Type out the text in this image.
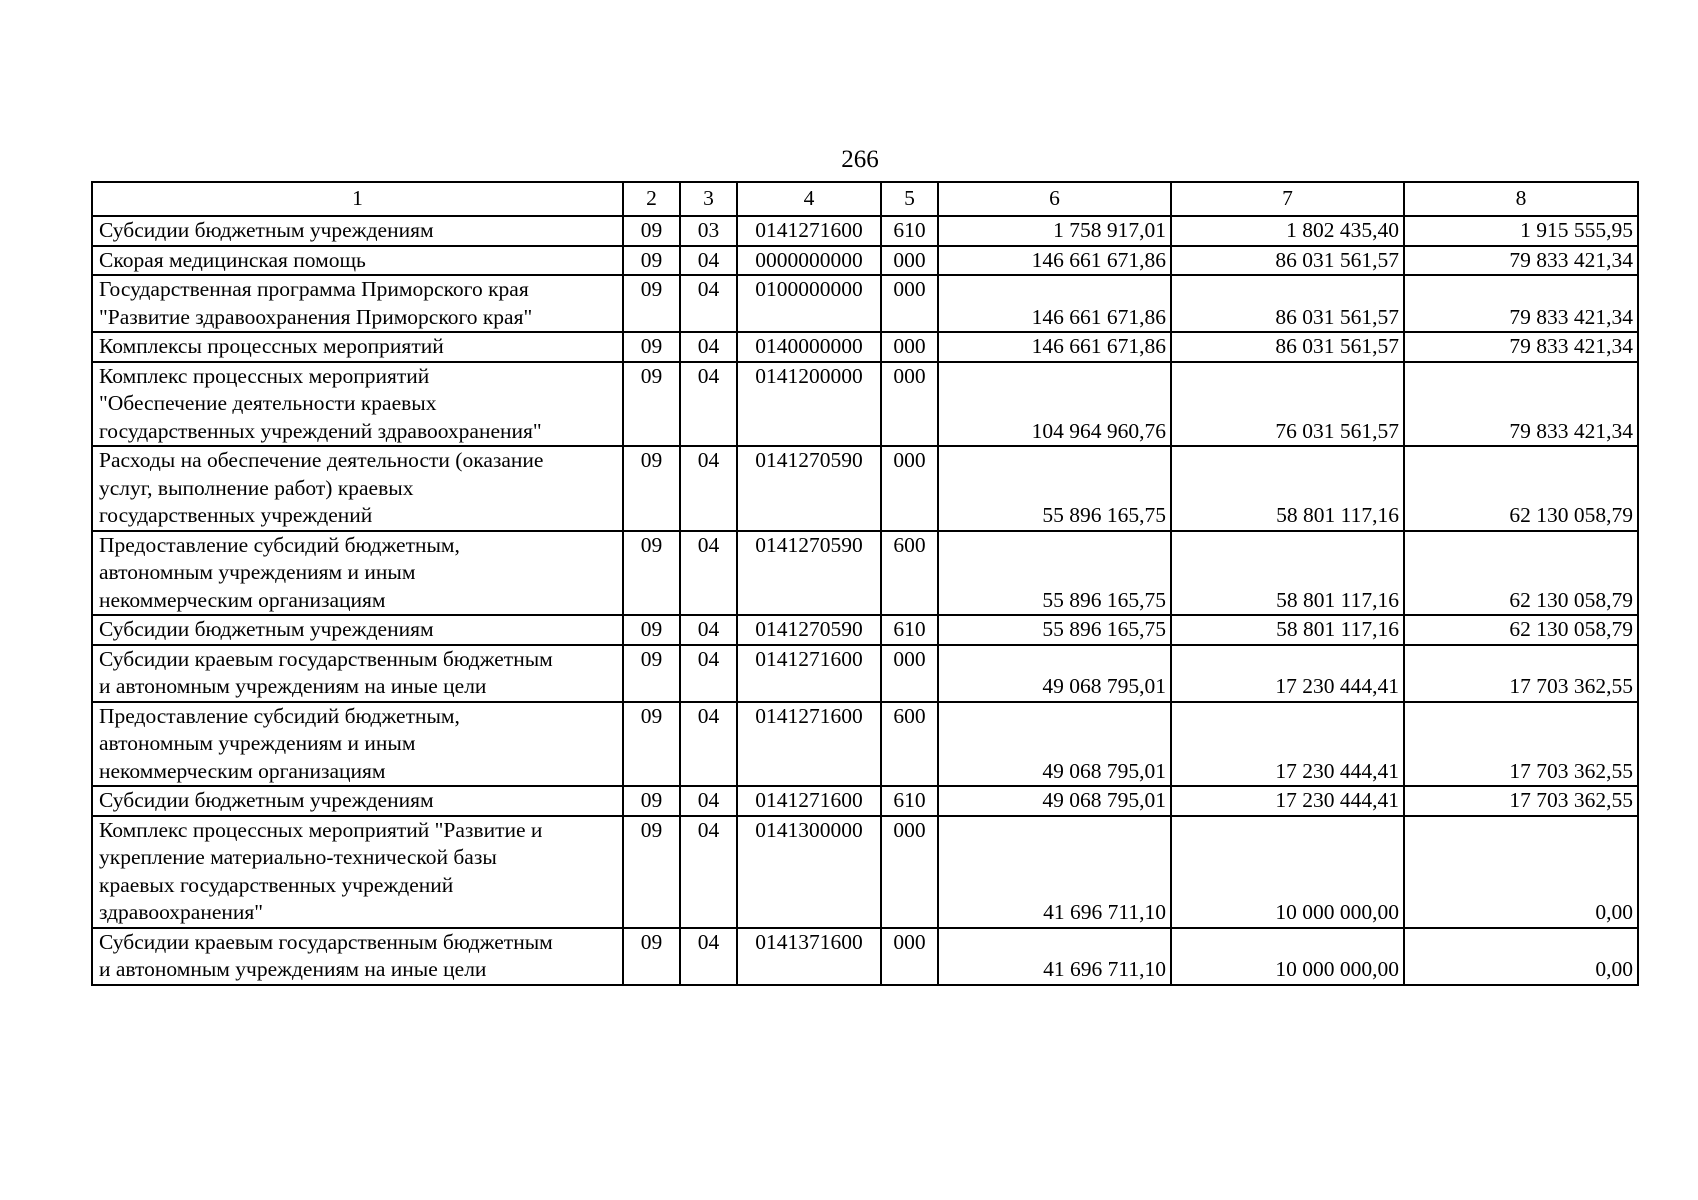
266
1	2	3	4	5	6	7	8

Субсидии бюджетным учреждениям	09	03	0141271600	610	1 758 917,01	1 802 435,40	1 915 555,95

Скорая медицинская помощь	09	04	0000000000	000	146 661 671,86	86 031 561,57	79 833 421,34

Государственная программа Приморского края
"Развитие здравоохранения Приморского края"	09	04	0100000000	000	146 661 671,86	86 031 561,57	79 833 421,34

Комплексы процессных мероприятий	09	04	0140000000	000	146 661 671,86	86 031 561,57	79 833 421,34

Комплекс процессных мероприятий
"Обеспечение деятельности краевых
государственных учреждений здравоохранения"	09	04	0141200000	000	104 964 960,76	76 031 561,57	79 833 421,34

Расходы на обеспечение деятельности (оказание
услуг, выполнение работ) краевых
государственных учреждений	09	04	0141270590	000	55 896 165,75	58 801 117,16	62 130 058,79

Предоставление субсидий бюджетным,
автономным учреждениям и иным
некоммерческим организациям	09	04	0141270590	600	55 896 165,75	58 801 117,16	62 130 058,79

Субсидии бюджетным учреждениям	09	04	0141270590	610	55 896 165,75	58 801 117,16	62 130 058,79

Субсидии краевым государственным бюджетным
и автономным учреждениям на иные цели	09	04	0141271600	000	49 068 795,01	17 230 444,41	17 703 362,55

Предоставление субсидий бюджетным,
автономным учреждениям и иным
некоммерческим организациям	09	04	0141271600	600	49 068 795,01	17 230 444,41	17 703 362,55

Субсидии бюджетным учреждениям	09	04	0141271600	610	49 068 795,01	17 230 444,41	17 703 362,55

Комплекс процессных мероприятий "Развитие и
укрепление материально-технической базы
краевых государственных учреждений
здравоохранения"	09	04	0141300000	000	41 696 711,10	10 000 000,00	0,00

Субсидии краевым государственным бюджетным
и автономным учреждениям на иные цели	09	04	0141371600	000	41 696 711,10	10 000 000,00	0,00
